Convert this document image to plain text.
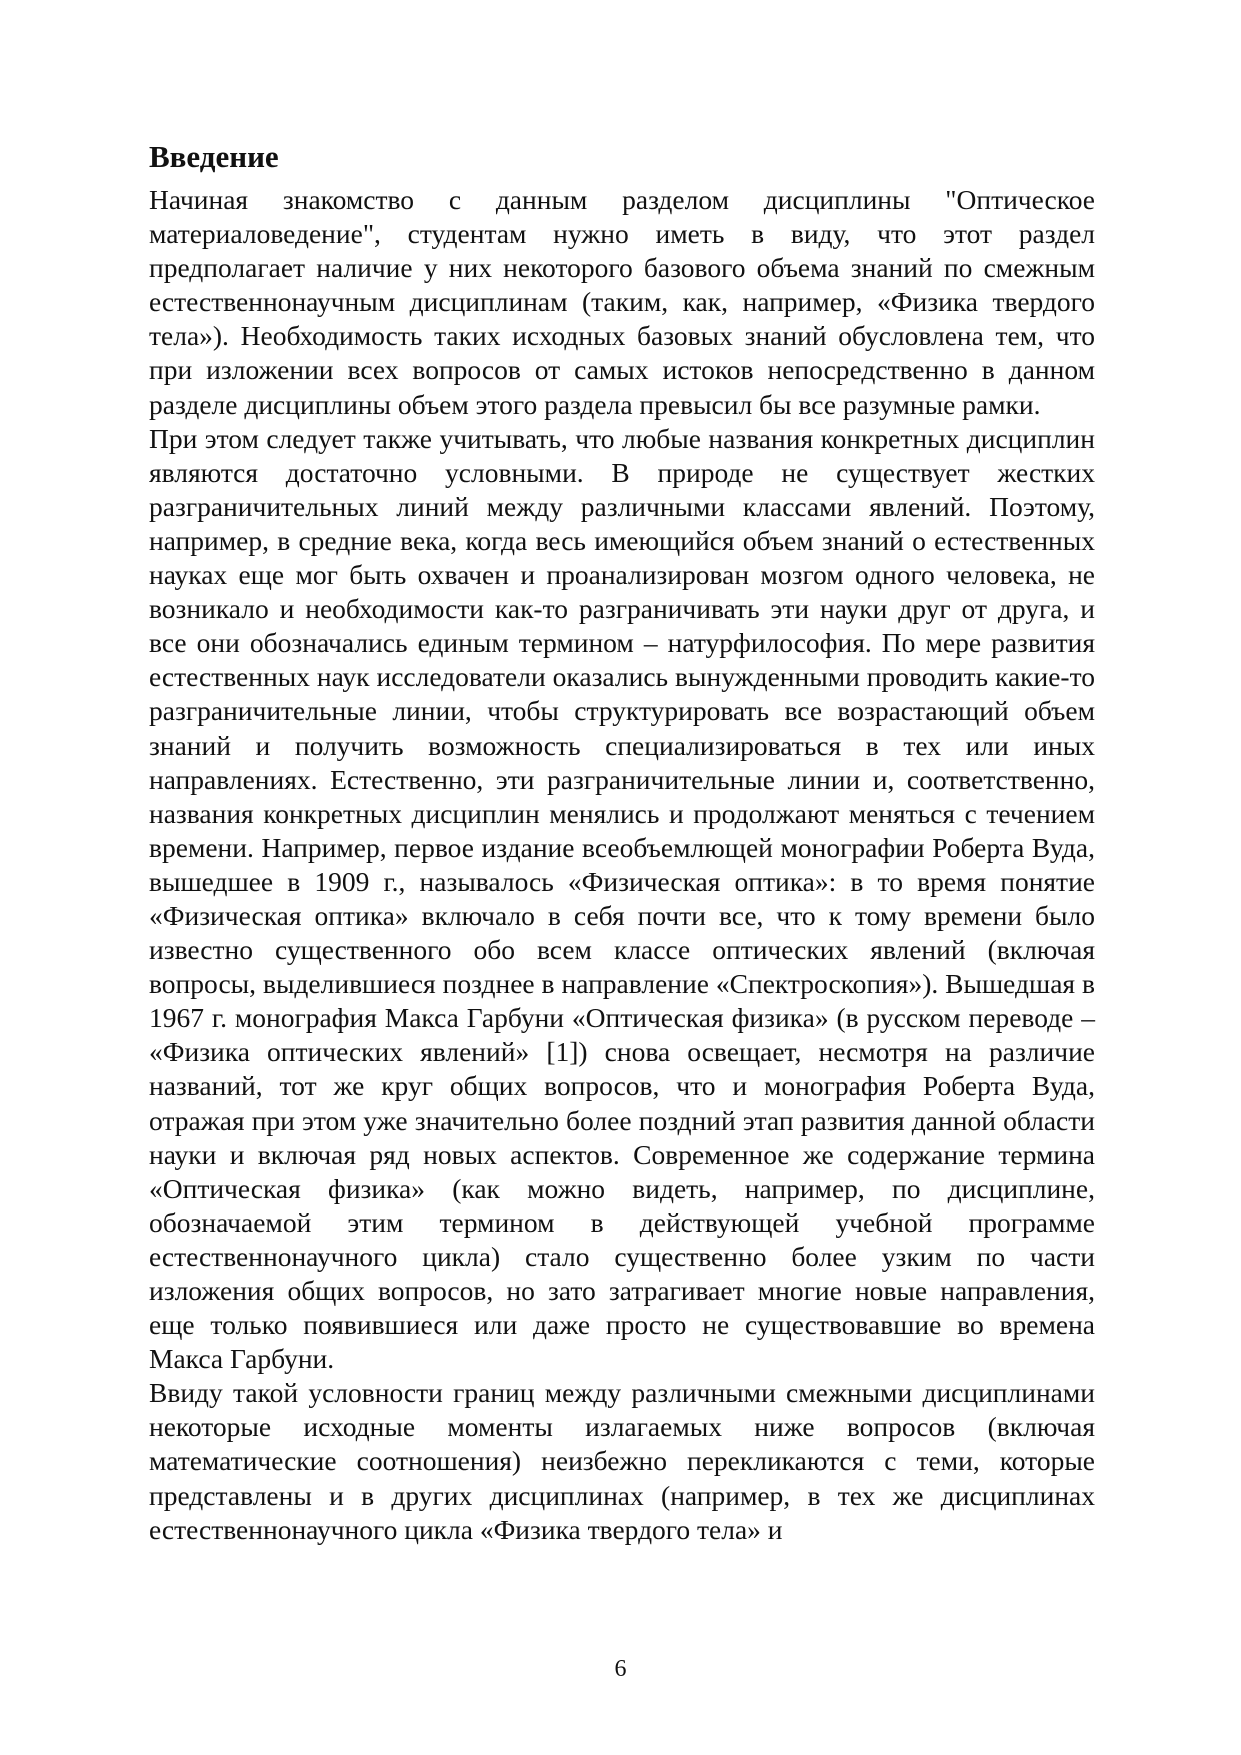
Введение

Начиная знакомство с данным разделом дисциплины "Оптическое материаловедение", студентам нужно иметь в виду, что этот раздел предполагает наличие у них некоторого базового объема знаний по смежным естественнонаучным дисциплинам (таким, как, например, «Физика твердого тела»). Необходимость таких исходных базовых знаний обусловлена тем, что при изложении всех вопросов от самых истоков непосредственно в данном разделе дисциплины объем этого раздела превысил бы все разумные рамки.

При этом следует также учитывать, что любые названия конкретных дисциплин являются достаточно условными. В природе не существует жестких разграничительных линий между различными классами явлений. Поэтому, например, в средние века, когда весь имеющийся объем знаний о естественных науках еще мог быть охвачен и проанализирован мозгом одного человека, не возникало и необходимости как-то разграничивать эти науки друг от друга, и все они обозначались единым термином – натурфилософия. По мере развития естественных наук исследователи оказались вынужденными проводить какие-то разграничительные линии, чтобы структурировать все возрастающий объем знаний и получить возможность специализироваться в тех или иных направлениях. Естественно, эти разграничительные линии и, соответственно, названия конкретных дисциплин менялись и продолжают меняться с течением времени. Например, первое издание всеобъемлющей монографии Роберта Вуда, вышедшее в 1909 г., называлось «Физическая оптика»: в то время понятие «Физическая оптика» включало в себя почти все, что к тому времени было известно существенного обо всем классе оптических явлений (включая вопросы, выделившиеся позднее в направление «Спектроскопия»). Вышедшая в 1967 г. монография Макса Гарбуни «Оптическая физика» (в русском переводе – «Физика оптических явлений» [1]) снова освещает, несмотря на различие названий, тот же круг общих вопросов, что и монография Роберта Вуда, отражая при этом уже значительно более поздний этап развития данной области науки и включая ряд новых аспектов. Современное же содержание термина «Оптическая физика» (как можно видеть, например, по дисциплине, обозначаемой этим термином в действующей учебной программе естественнонаучного цикла) стало существенно более узким по части изложения общих вопросов, но зато затрагивает многие новые направления, еще только появившиеся или даже просто не существовавшие во времена Макса Гарбуни.

Ввиду такой условности границ между различными смежными дисциплинами некоторые исходные моменты излагаемых ниже вопросов (включая математические соотношения) неизбежно перекликаются с теми, которые представлены и в других дисциплинах (например, в тех же дисциплинах естественнонаучного цикла «Физика твердого тела» и

6
